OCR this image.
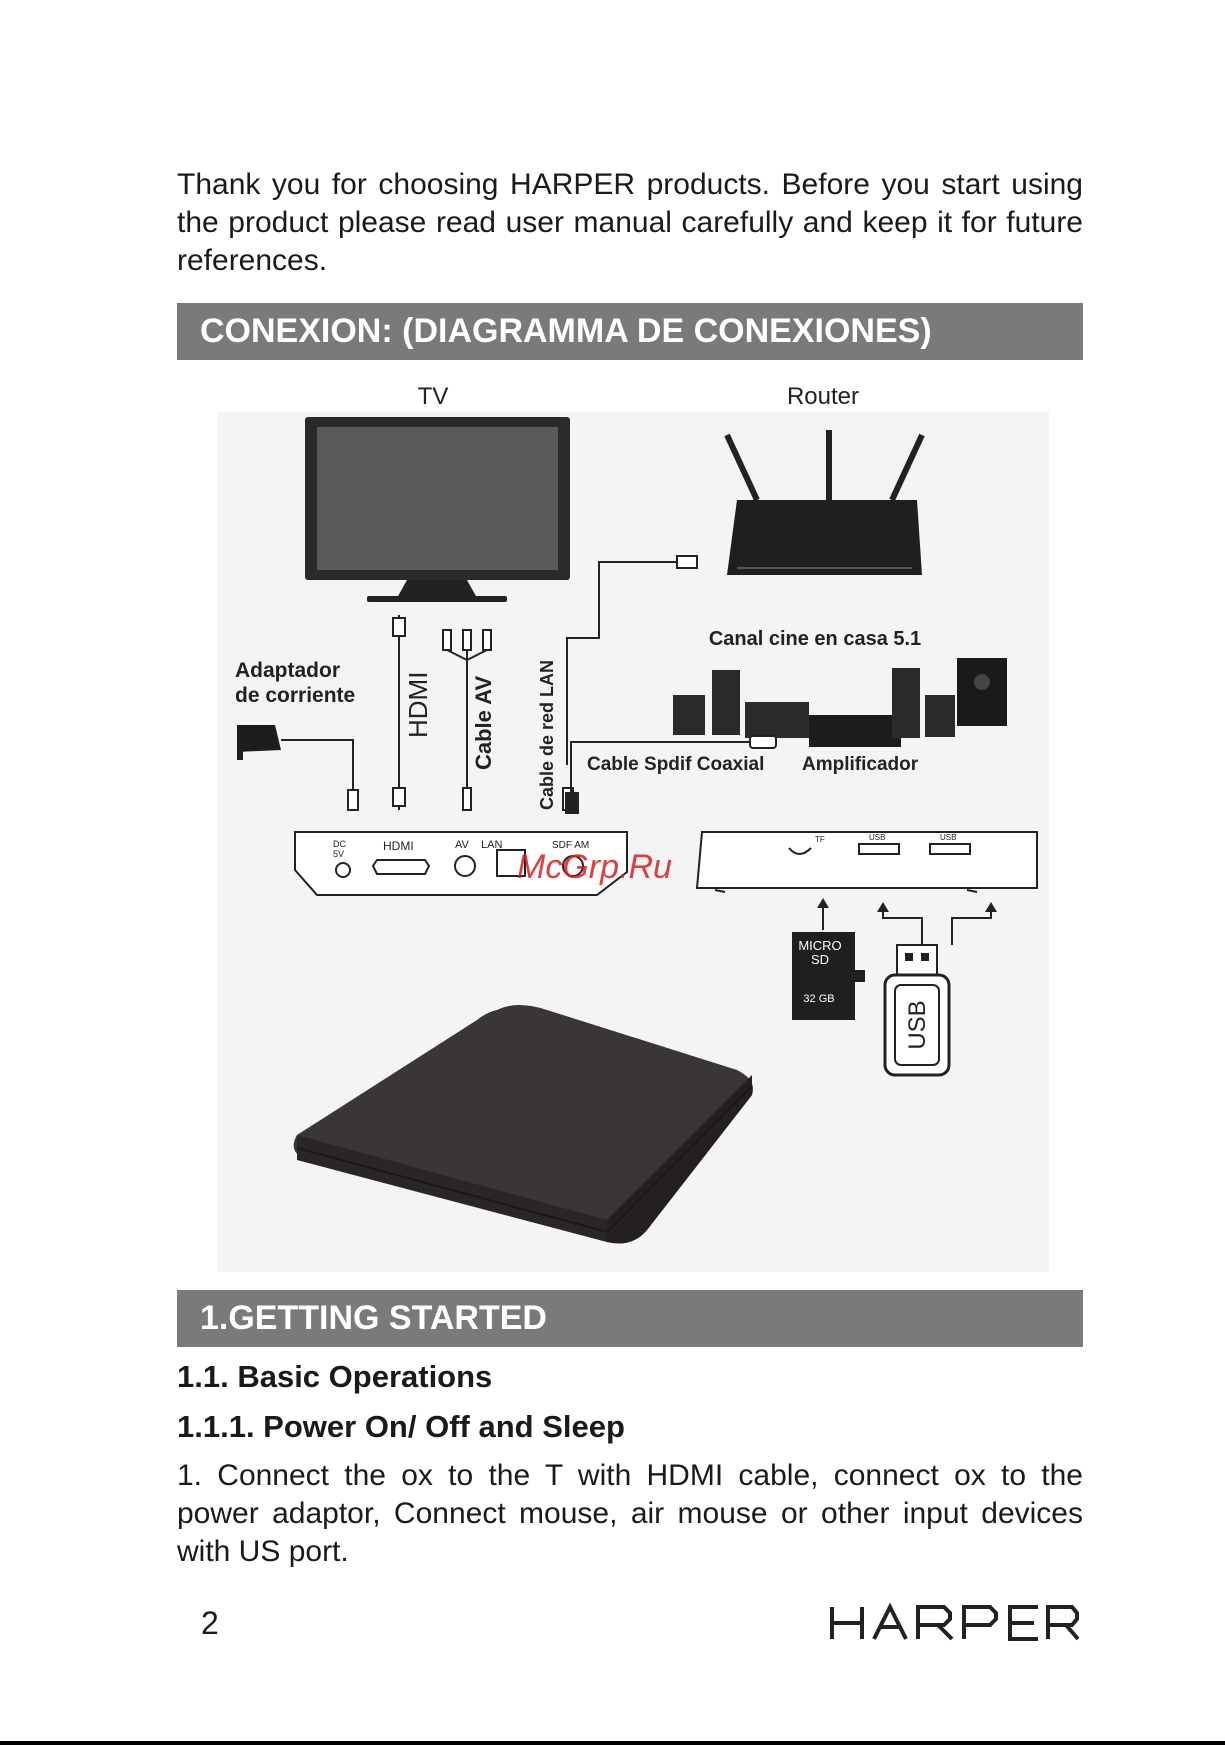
Thank you for choosing HARPER products. Before you start using the product please read user manual carefully and keep it for future references.

CONEXION: (DIAGRAMMA DE CONEXIONES)
TV	Router
HDMI Cable AV Cable de red LAN
Adaptador
de corriente
Canal cine en casa 5.1
Cable Spdif Coaxial Amplificador
DC
5V
HDMI	AV LAN	SDF AM
TF	USB	USB
McGrp.Ru
MICRO
SD
32 GB
USB
1.GETTING STARTED

1.1. Basic Operations

1.1.1. Power On/ Off and Sleep

1. Connect the ox to the T with HDMI cable, connect ox to the power adaptor, Connect mouse, air mouse or other input devices with US port.

2
